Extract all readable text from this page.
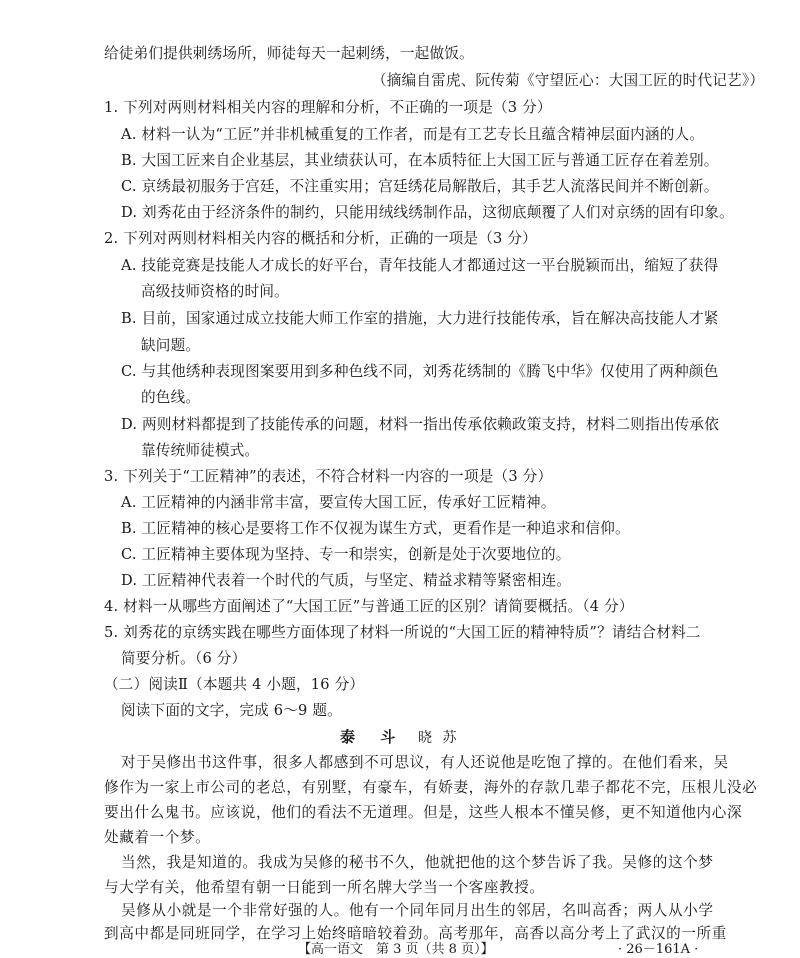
给徒弟们提供刺绣场所，师徒每天一起刺绣，一起做饭。
（摘编自雷虎、阮传菊《守望匠心：大国工匠的时代记艺》）
1. 下列对两则材料相关内容的理解和分析，不正确的一项是（3 分）
A. 材料一认为“工匠”并非机械重复的工作者，而是有工艺专长且蕴含精神层面内涵的人。
B. 大国工匠来自企业基层，其业绩获认可，在本质特征上大国工匠与普通工匠存在着差别。
C. 京绣最初服务于宫廷，不注重实用；宫廷绣花局解散后，其手艺人流落民间并不断创新。
D. 刘秀花由于经济条件的制约，只能用绒线绣制作品，这彻底颠覆了人们对京绣的固有印象。
2. 下列对两则材料相关内容的概括和分析，正确的一项是（3 分）
A. 技能竞赛是技能人才成长的好平台，青年技能人才都通过这一平台脱颖而出，缩短了获得
高级技师资格的时间。
B. 目前，国家通过成立技能大师工作室的措施，大力进行技能传承，旨在解决高技能人才紧
缺问题。
C. 与其他绣种表现图案要用到多种色线不同，刘秀花绣制的《腾飞中华》仅使用了两种颜色
的色线。
D. 两则材料都提到了技能传承的问题，材料一指出传承依赖政策支持，材料二则指出传承依
靠传统师徒模式。
3. 下列关于“工匠精神”的表述，不符合材料一内容的一项是（3 分）
A. 工匠精神的内涵非常丰富，要宣传大国工匠，传承好工匠精神。
B. 工匠精神的核心是要将工作不仅视为谋生方式，更看作是一种追求和信仰。
C. 工匠精神主要体现为坚持、专一和崇实，创新是处于次要地位的。
D. 工匠精神代表着一个时代的气质，与坚定、精益求精等紧密相连。
4. 材料一从哪些方面阐述了“大国工匠”与普通工匠的区别？请简要概括。（4 分）
5. 刘秀花的京绣实践在哪些方面体现了材料一所说的“大国工匠的精神特质”？请结合材料二
简要分析。（6 分）
（二）阅读Ⅱ（本题共 4 小题，16 分）
阅读下面的文字，完成 6～9 题。
泰 斗 晓 苏
对于吴修出书这件事，很多人都感到不可思议，有人还说他是吃饱了撑的。在他们看来，吴
修作为一家上市公司的老总，有别墅，有豪车，有娇妻，海外的存款几辈子都花不完，压根儿没必
要出什么鬼书。应该说，他们的看法不无道理。但是，这些人根本不懂吴修，更不知道他内心深
处藏着一个梦。
当然，我是知道的。我成为吴修的秘书不久，他就把他的这个梦告诉了我。吴修的这个梦
与大学有关，他希望有朝一日能到一所名牌大学当一个客座教授。
吴修从小就是一个非常好强的人。他有一个同年同月出生的邻居，名叫高香；两人从小学
到高中都是同班同学，在学习上始终暗暗较着劲。高考那年，高香以高分考上了武汉的一所重
【高一语文　第 3 页（共 8 页）】	· 26－161A ·
